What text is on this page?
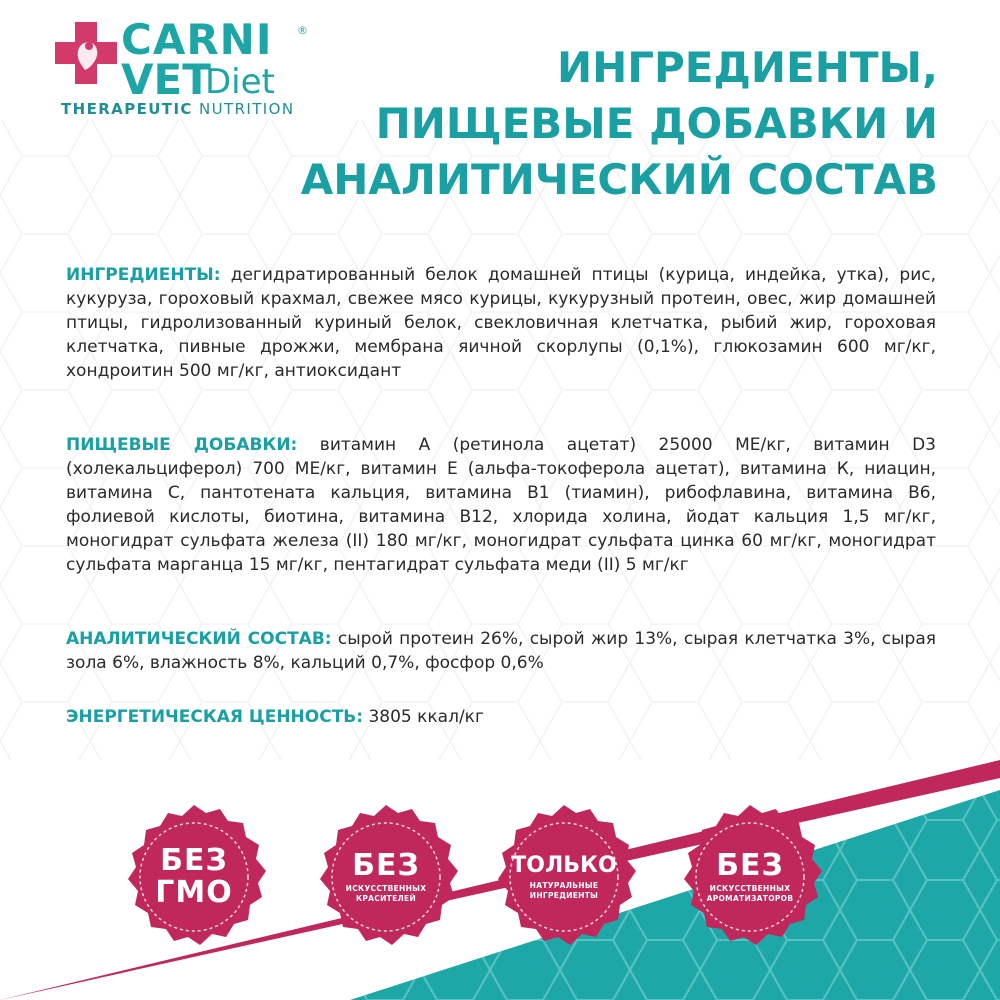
CARNI ®
VET
Diet
THERAPEUTIC NUTRITION
ИНГРЕДИЕНТЫ,
ПИЩЕВЫЕ ДОБАВКИ И
АНАЛИТИЧЕСКИЙ СОСТАВ
ИНГРЕДИЕНТЫ: дегидратированный белок домашней птицы (курица, индейка, утка), рис, кукуруза, гороховый крахмал, свежее мясо курицы, кукурузный протеин, овес, жир домашней птицы, гидролизованный куриный белок, свекловичная клетчатка, рыбий жир, гороховая клетчатка, пивные дрожжи, мембрана яичной скорлупы (0,1%), глюкозамин 600 мг/кг, хондроитин 500 мг/кг, антиоксидант
ПИЩЕВЫЕ ДОБАВКИ: витамин А (ретинола ацетат) 25000 МЕ/кг, витамин D3 (холекальциферол) 700 МЕ/кг, витамин Е (альфа-токоферола ацетат), витамина К, ниацин, витамина С, пантотената кальция, витамина В1 (тиамин), рибофлавина, витамина В6, фолиевой кислоты, биотина, витамина В12, хлорида холина, йодат кальция 1,5 мг/кг, моногидрат сульфата железа (II) 180 мг/кг, моногидрат сульфата цинка 60 мг/кг, моногидрат сульфата марганца 15 мг/кг, пентагидрат сульфата меди (II) 5 мг/кг
АНАЛИТИЧЕСКИЙ СОСТАВ: сырой протеин 26%, сырой жир 13%, сырая клетчатка 3%, сырая зола 6%, влажность 8%, кальций 0,7%, фосфор 0,6%
ЭНЕРГЕТИЧЕСКАЯ ЦЕННОСТЬ: 3805 ккал/кг
БЕЗ
ГМО
БЕЗ
ИСКУССТВЕННЫХ КРАСИТЕЛЕЙ
ТОЛЬКО
НАТУРАЛЬНЫЕ ИНГРЕДИЕНТЫ
БЕЗ
ИСКУССТВЕННЫХ АРОМАТИЗАТОРОВ
